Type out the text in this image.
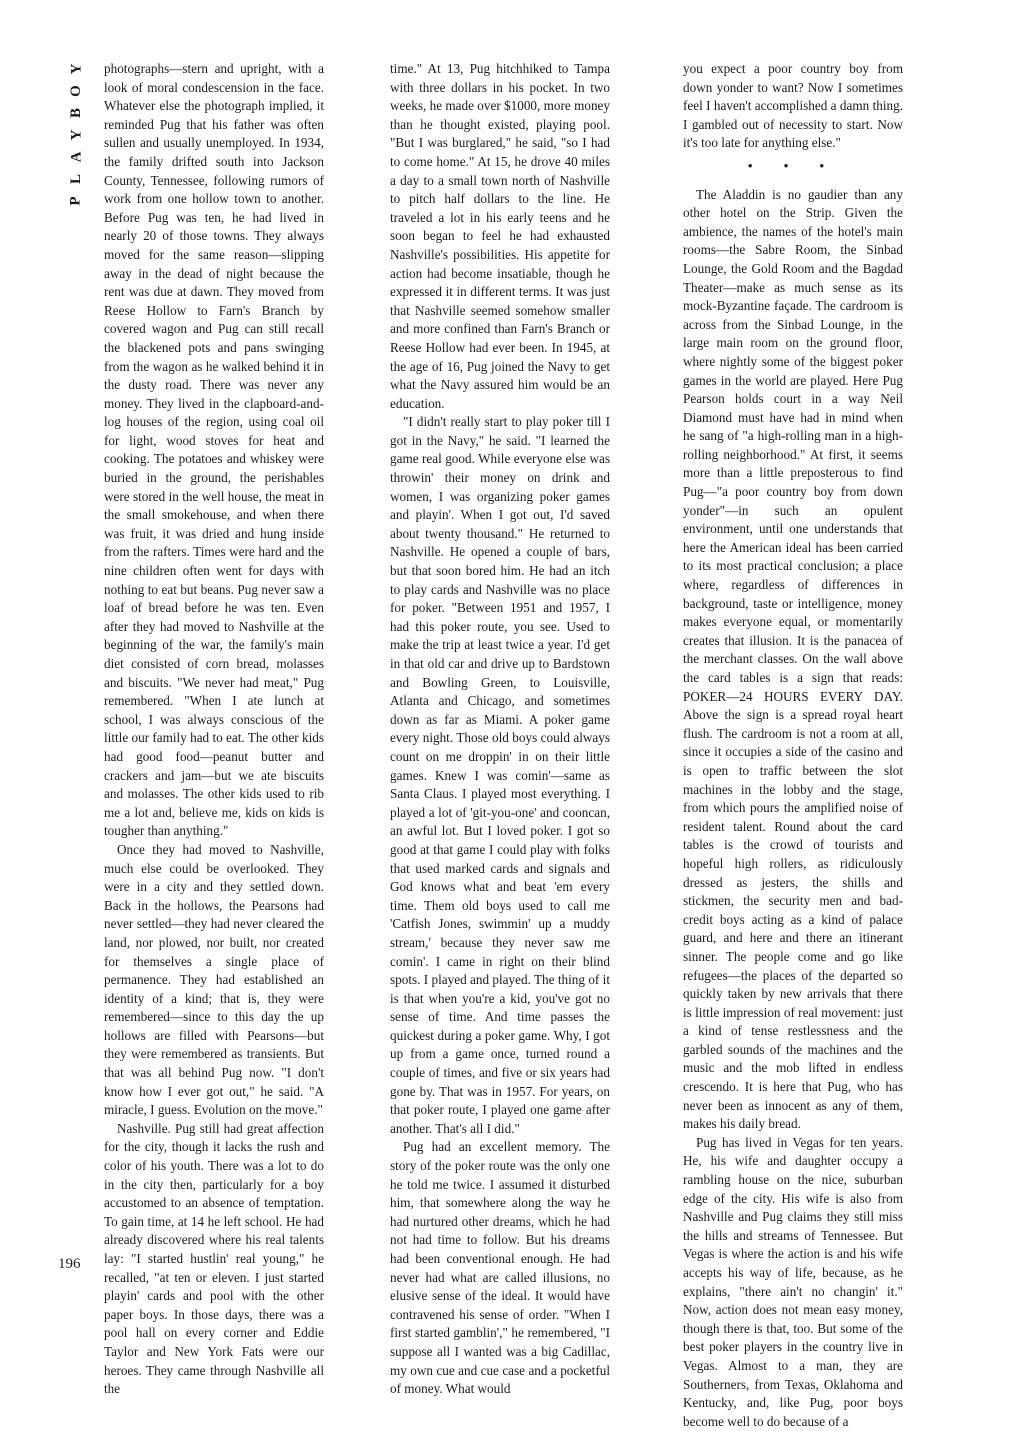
Y
O
B
Y
A
L
P

photographs—stern and upright, with a look of moral condescension in the face. Whatever else the photograph implied, it reminded Pug that his father was often sullen and usually unemployed. In 1934, the family drifted south into Jackson County, Tennessee, following rumors of work from one hollow town to another. Before Pug was ten, he had lived in nearly 20 of those towns. They always moved for the same reason—slipping away in the dead of night because the rent was due at dawn. They moved from Reese Hollow to Farn's Branch by covered wagon and Pug can still recall the blackened pots and pans swinging from the wagon as he walked behind it in the dusty road. There was never any money. They lived in the clapboard-and-log houses of the region, using coal oil for light, wood stoves for heat and cooking. The potatoes and whiskey were buried in the ground, the perishables were stored in the well house, the meat in the small smokehouse, and when there was fruit, it was dried and hung inside from the rafters. Times were hard and the nine children often went for days with nothing to eat but beans. Pug never saw a loaf of bread before he was ten. Even after they had moved to Nashville at the beginning of the war, the family's main diet consisted of corn bread, molasses and biscuits. "We never had meat," Pug remembered. "When I ate lunch at school, I was always conscious of the little our family had to eat. The other kids had good food—peanut butter and crackers and jam—but we ate biscuits and molasses. The other kids used to rib me a lot and, believe me, kids on kids is tougher than anything."

Once they had moved to Nashville, much else could be overlooked. They were in a city and they settled down. Back in the hollows, the Pearsons had never settled—they had never cleared the land, nor plowed, nor built, nor created for themselves a single place of permanence. They had established an identity of a kind; that is, they were remembered—since to this day the up hollows are filled with Pearsons—but they were remembered as transients. But that was all behind Pug now. "I don't know how I ever got out," he said. "A miracle, I guess. Evolution on the move."

Nashville. Pug still had great affection for the city, though it lacks the rush and color of his youth. There was a lot to do in the city then, particularly for a boy accustomed to an absence of temptation. To gain time, at 14 he left school. He had already discovered where his real talents lay: "I started hustlin' real young," he recalled, "at ten or eleven. I just started playin' cards and pool with the other paper boys. In those days, there was a pool hall on every corner and Eddie Taylor and New York Fats were our heroes. They came through Nashville all the

time." At 13, Pug hitchhiked to Tampa with three dollars in his pocket. In two weeks, he made over $1000, more money than he thought existed, playing pool. "But I was burglared," he said, "so I had to come home." At 15, he drove 40 miles a day to a small town north of Nashville to pitch half dollars to the line. He traveled a lot in his early teens and he soon began to feel he had exhausted Nashville's possibilities. His appetite for action had become insatiable, though he expressed it in different terms. It was just that Nashville seemed somehow smaller and more confined than Farn's Branch or Reese Hollow had ever been. In 1945, at the age of 16, Pug joined the Navy to get what the Navy assured him would be an education.

"I didn't really start to play poker till I got in the Navy," he said. "I learned the game real good. While everyone else was throwin' their money on drink and women, I was organizing poker games and playin'. When I got out, I'd saved about twenty thousand." He returned to Nashville. He opened a couple of bars, but that soon bored him. He had an itch to play cards and Nashville was no place for poker. "Between 1951 and 1957, I had this poker route, you see. Used to make the trip at least twice a year. I'd get in that old car and drive up to Bardstown and Bowling Green, to Louisville, Atlanta and Chicago, and sometimes down as far as Miami. A poker game every night. Those old boys could always count on me droppin' in on their little games. Knew I was comin'—same as Santa Claus. I played most everything. I played a lot of 'git-you-one' and cooncan, an awful lot. But I loved poker. I got so good at that game I could play with folks that used marked cards and signals and God knows what and beat 'em every time. Them old boys used to call me 'Catfish Jones, swimmin' up a muddy stream,' because they never saw me comin'. I came in right on their blind spots. I played and played. The thing of it is that when you're a kid, you've got no sense of time. And time passes the quickest during a poker game. Why, I got up from a game once, turned round a couple of times, and five or six years had gone by. That was in 1957. For years, on that poker route, I played one game after another. That's all I did."

Pug had an excellent memory. The story of the poker route was the only one he told me twice. I assumed it disturbed him, that somewhere along the way he had nurtured other dreams, which he had not had time to follow. But his dreams had been conventional enough. He had never had what are called illusions, no elusive sense of the ideal. It would have contravened his sense of order. "When I first started gamblin'," he remembered, "I suppose all I wanted was a big Cadillac, my own cue and cue case and a pocketful of money. What would

you expect a poor country boy from down yonder to want? Now I sometimes feel I haven't accomplished a damn thing. I gambled out of necessity to start. Now it's too late for anything else."

• • •

The Aladdin is no gaudier than any other hotel on the Strip. Given the ambience, the names of the hotel's main rooms—the Sabre Room, the Sinbad Lounge, the Gold Room and the Bagdad Theater—make as much sense as its mock-Byzantine façade. The cardroom is across from the Sinbad Lounge, in the large main room on the ground floor, where nightly some of the biggest poker games in the world are played. Here Pug Pearson holds court in a way Neil Diamond must have had in mind when he sang of "a high-rolling man in a high-rolling neighborhood." At first, it seems more than a little preposterous to find Pug—"a poor country boy from down yonder"—in such an opulent environment, until one understands that here the American ideal has been carried to its most practical conclusion; a place where, regardless of differences in background, taste or intelligence, money makes everyone equal, or momentarily creates that illusion. It is the panacea of the merchant classes. On the wall above the card tables is a sign that reads: POKER—24 HOURS EVERY DAY. Above the sign is a spread royal heart flush. The cardroom is not a room at all, since it occupies a side of the casino and is open to traffic between the slot machines in the lobby and the stage, from which pours the amplified noise of resident talent. Round about the card tables is the crowd of tourists and hopeful high rollers, as ridiculously dressed as jesters, the shills and stickmen, the security men and bad-credit boys acting as a kind of palace guard, and here and there an itinerant sinner. The people come and go like refugees—the places of the departed so quickly taken by new arrivals that there is little impression of real movement: just a kind of tense restlessness and the garbled sounds of the machines and the music and the mob lifted in endless crescendo. It is here that Pug, who has never been as innocent as any of them, makes his daily bread.

Pug has lived in Vegas for ten years. He, his wife and daughter occupy a rambling house on the nice, suburban edge of the city. His wife is also from Nashville and Pug claims they still miss the hills and streams of Tennessee. But Vegas is where the action is and his wife accepts his way of life, because, as he explains, "there ain't no changin' it." Now, action does not mean easy money, though there is that, too. But some of the best poker players in the country live in Vegas. Almost to a man, they are Southerners, from Texas, Oklahoma and Kentucky, and, like Pug, poor boys become well to do because of a

196
